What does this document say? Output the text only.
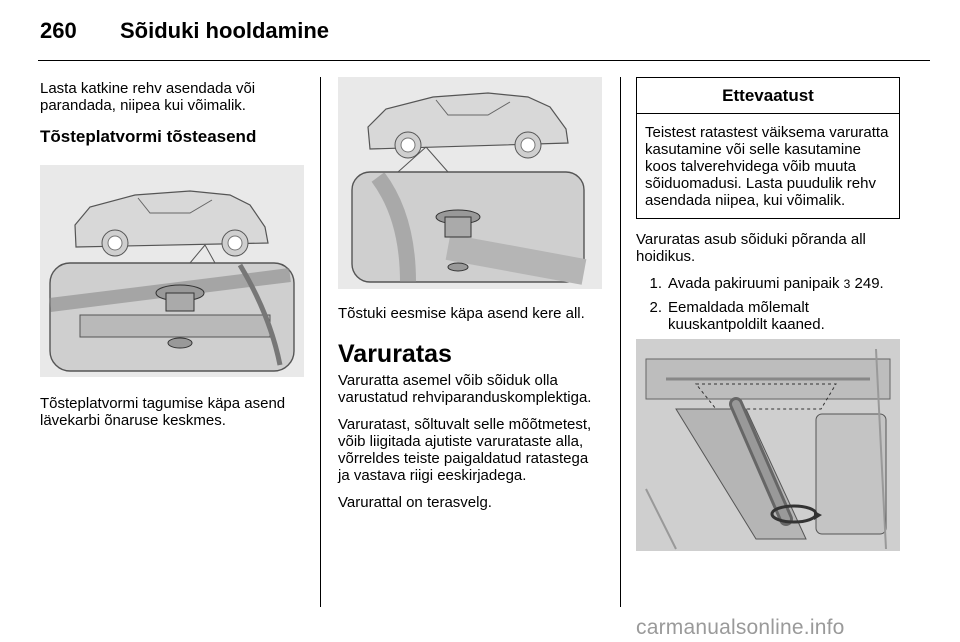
260 Sõiduki hooldamine

Lasta katkine rehv asendada või parandada, niipea kui võimalik.

Tõsteplatvormi tõsteasend

Tõsteplatvormi tagumise käpa asend lävekarbi õnaruse keskmes.

Tõstuki eesmise käpa asend kere all.

Varuratas

Varuratta asemel võib sõiduk olla varustatud rehviparanduskomplektiga.

Varuratast, sõltuvalt selle mõõtmetest, võib liigitada ajutiste varurataste alla, võrreldes teiste paigaldatud ratastega ja vastava riigi eeskirjadega.

Varurattal on terasvelg.

Ettevaatust
Teistest ratastest väiksema varuratta kasutamine või selle kasutamine koos talverehvidega võib muuta sõiduomadusi. Lasta puudulik rehv asendada niipea, kui võimalik.

Varuratas asub sõiduki põranda all hoidikus.

1. Avada pakiruumi panipaik 3 249.
2. Eemaldada mõlemalt kuuskantpoldilt kaaned.
carmanualsonline.info
